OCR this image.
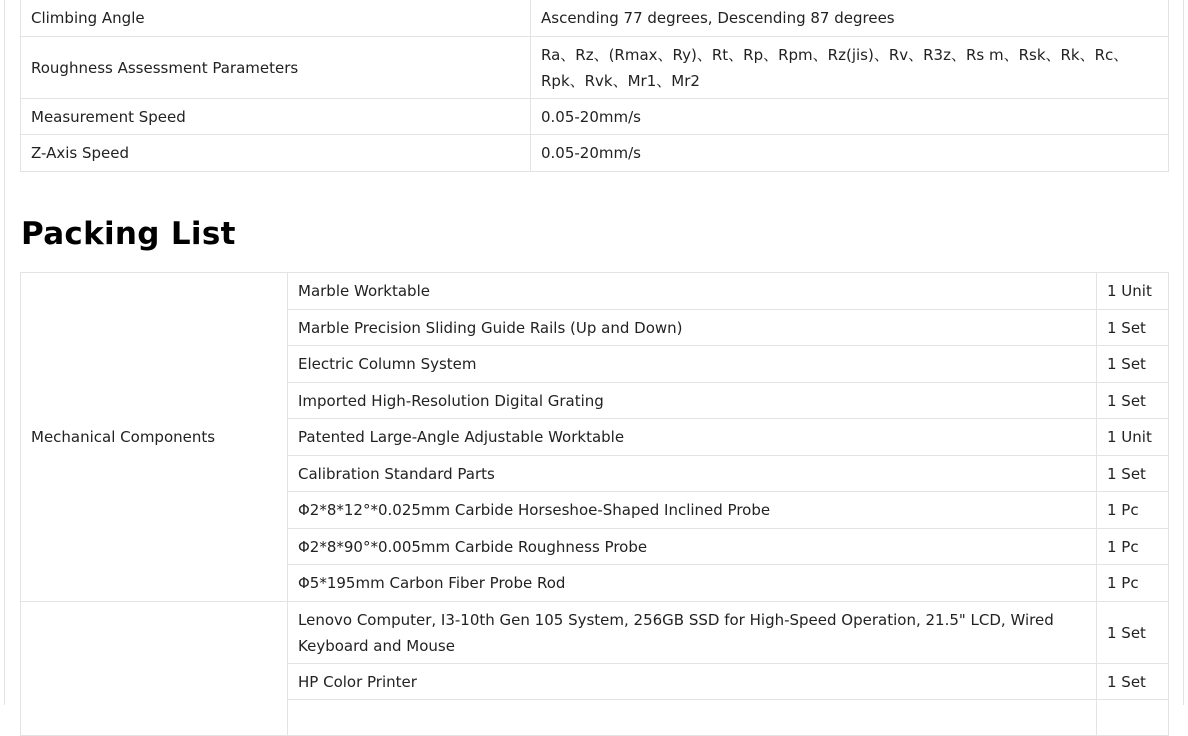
Climbing Angle	Ascending 77 degrees, Descending 87 degrees
Roughness Assessment Parameters	Ra、Rz、(Rmax、Ry)、Rt、Rp、Rpm、Rz(jis)、Rv、R3z、Rs m、Rsk、Rk、Rc、Rpk、Rvk、Mr1、Mr2
Measurement Speed	0.05-20mm/s
Z-Axis Speed	0.05-20mm/s
Packing List
Mechanical Components	Marble Worktable	1 Unit
	Marble Precision Sliding Guide Rails (Up and Down)	1 Set
	Electric Column System	1 Set
	Imported High-Resolution Digital Grating	1 Set
	Patented Large-Angle Adjustable Worktable	1 Unit
	Calibration Standard Parts	1 Set
	Φ2*8*12°*0.025mm Carbide Horseshoe-Shaped Inclined Probe	1 Pc
	Φ2*8*90°*0.005mm Carbide Roughness Probe	1 Pc
	Φ5*195mm Carbon Fiber Probe Rod	1 Pc
	Lenovo Computer, I3-10th Gen 105 System, 256GB SSD for High-Speed Operation, 21.5" LCD, Wired Keyboard and Mouse	1 Set
	HP Color Printer	1 Set
